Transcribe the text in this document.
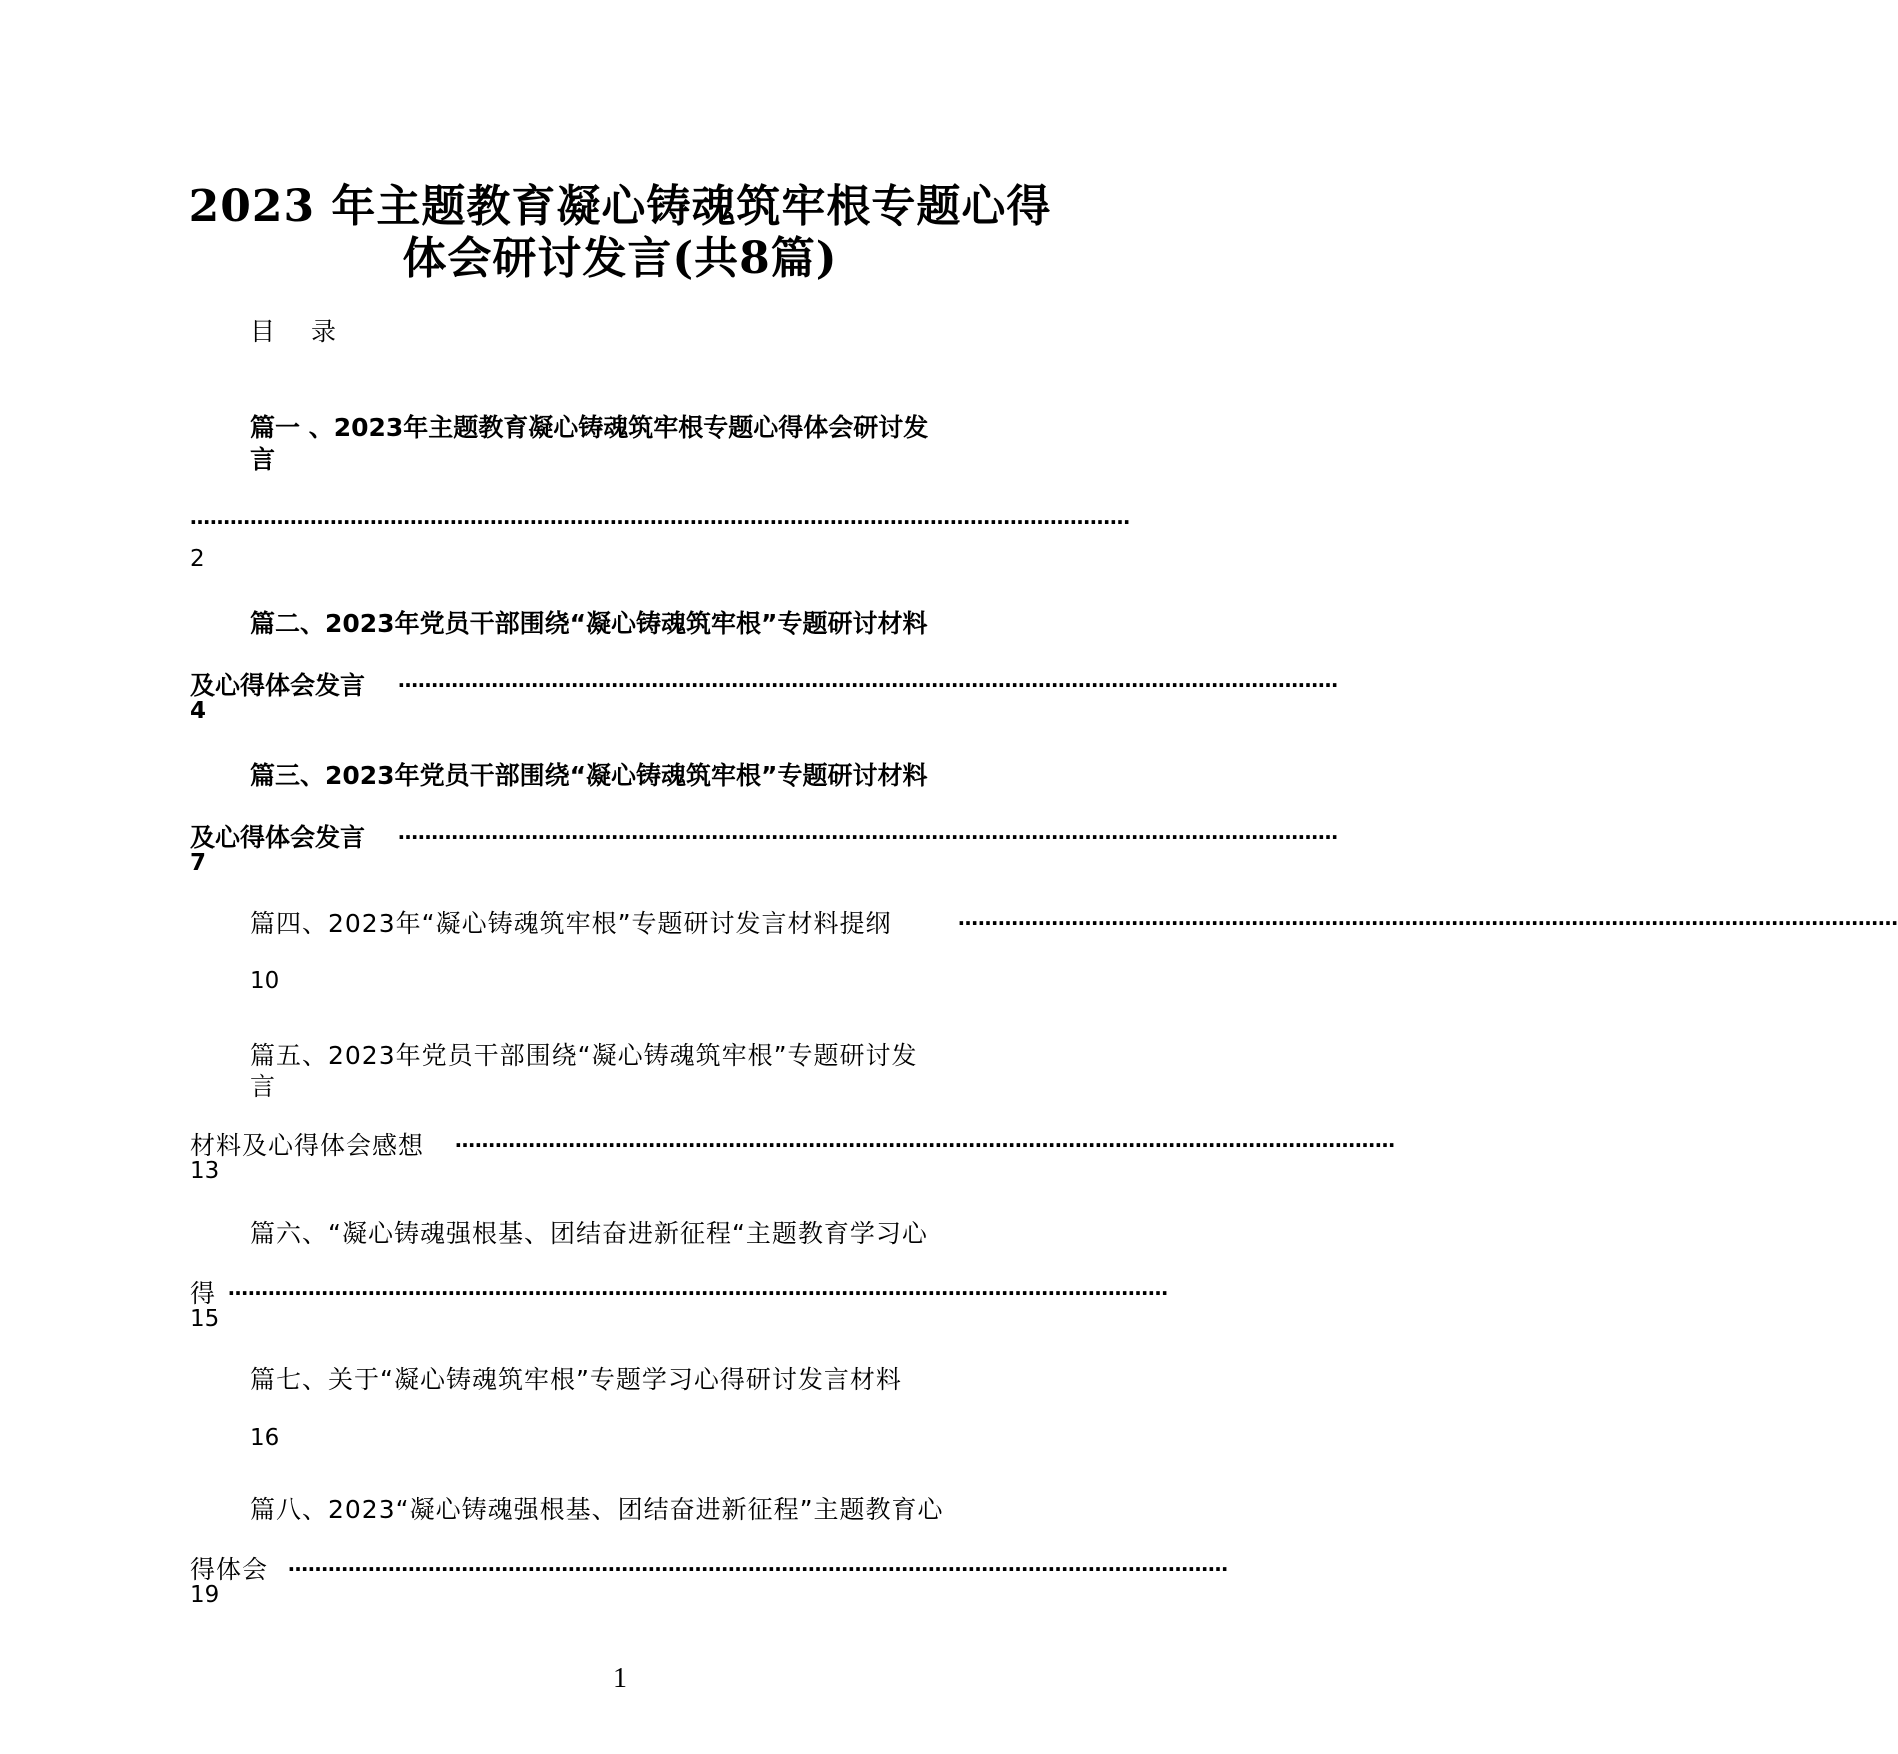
2023 年主题教育凝心铸魂筑牢根专题心得
体会研讨发言(共8篇)
目 录
篇一 、2023年主题教育凝心铸魂筑牢根专题心得体会研讨发
言
……………………………………………………………………………………………………………………………
2
篇二、2023年党员干部围绕“凝心铸魂筑牢根”专题研讨材料
及心得体会发言 ……………………………………………………………………………………………………………………………
4
篇三、2023年党员干部围绕“凝心铸魂筑牢根”专题研讨材料
及心得体会发言 ……………………………………………………………………………………………………………………………
7
篇四、2023年“凝心铸魂筑牢根”专题研讨发言材料提纲	……………………………………………………………………………………………………………………………
10
篇五、2023年党员干部围绕“凝心铸魂筑牢根”专题研讨发
言
材料及心得体会感想 ……………………………………………………………………………………………………………………………
13
篇六、“凝心铸魂强根基、团结奋进新征程“主题教育学习心
得 ……………………………………………………………………………………………………………………………
15
篇七、关于“凝心铸魂筑牢根”专题学习心得研讨发言材料
16
篇八、2023“凝心铸魂强根基、团结奋进新征程”主题教育心
得体会 ……………………………………………………………………………………………………………………………
19
1
